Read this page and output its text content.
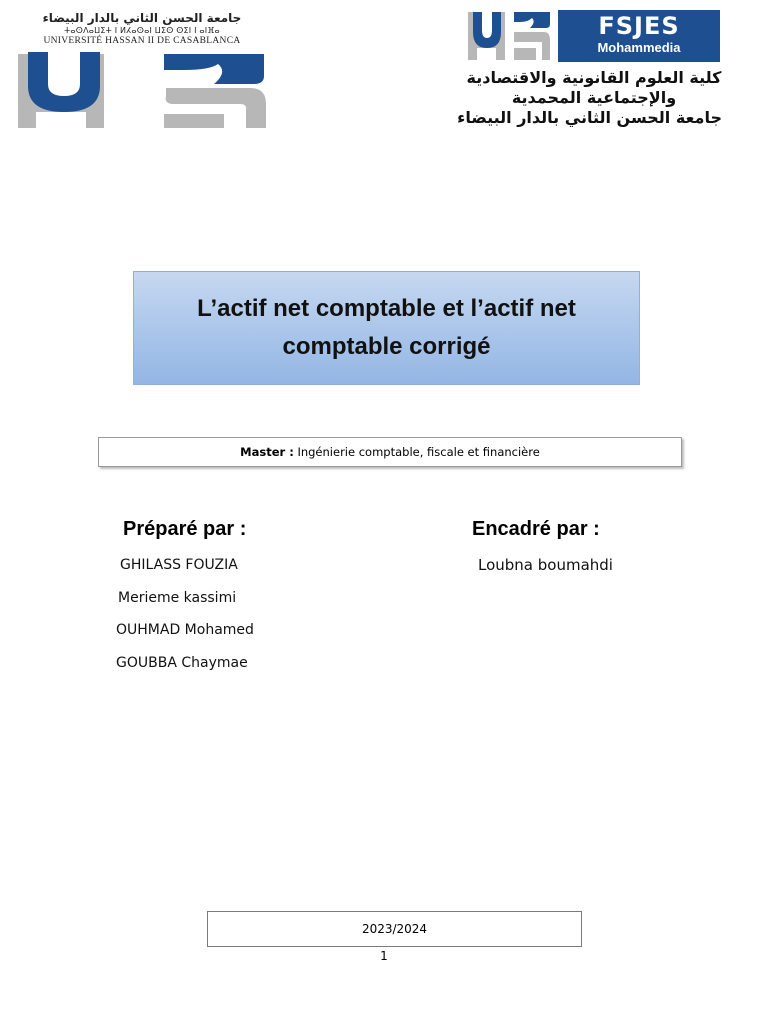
جامعة الحسن الثاني بالدار البيضاء
ⵜⴰⵙⴷⴰⵡⵉⵜ ⵏ ⵍⵃⴰⵙⴰⵏ ⵡⵉⵙ ⵙⵉⵏ ⵏ ⴰⵏⴼⴰ
UNIVERSITÉ HASSAN II DE CASABLANCA
FSJES
Mohammedia
كلية العلوم القانونية والاقتصادية
والإجتماعية المحمدية
جامعة الحسن الثاني بالدار البيضاء
L’actif net comptable et l’actif net comptable corrigé
Master :
Ingénierie comptable, fiscale et financière
Préparé par :
GHILASS FOUZIA
Merieme kassimi
OUHMAD Mohamed
GOUBBA Chaymae
Encadré par :
Loubna boumahdi
2023/2024
1
